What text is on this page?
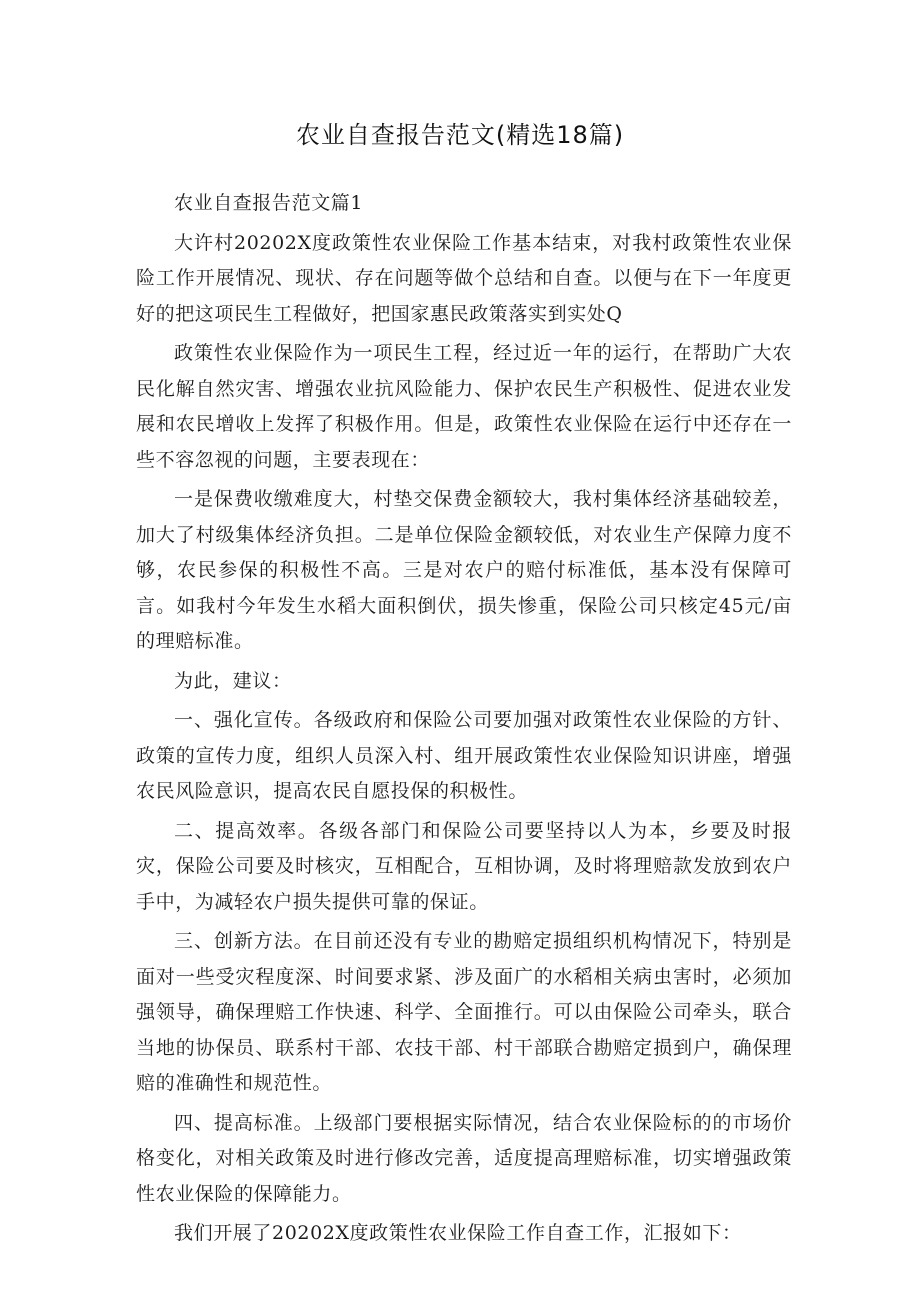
农业自查报告范文(精选18篇)

农业自查报告范文篇1

大许村20202X度政策性农业保险工作基本结束，对我村政策性农业保险工作开展情况、现状、存在问题等做个总结和自查。以便与在下一年度更好的把这项民生工程做好，把国家惠民政策落实到实处Q

政策性农业保险作为一项民生工程，经过近一年的运行，在帮助广大农民化解自然灾害、增强农业抗风险能力、保护农民生产积极性、促进农业发展和农民增收上发挥了积极作用。但是，政策性农业保险在运行中还存在一些不容忽视的问题，主要表现在：

一是保费收缴难度大，村垫交保费金额较大，我村集体经济基础较差，加大了村级集体经济负担。二是单位保险金额较低，对农业生产保障力度不够，农民参保的积极性不高。三是对农户的赔付标准低，基本没有保障可言。如我村今年发生水稻大面积倒伏，损失惨重，保险公司只核定45元/亩的理赔标准。

为此，建议：

一、强化宣传。各级政府和保险公司要加强对政策性农业保险的方针、政策的宣传力度，组织人员深入村、组开展政策性农业保险知识讲座，增强农民风险意识，提高农民自愿投保的积极性。

二、提高效率。各级各部门和保险公司要坚持以人为本，乡要及时报灾，保险公司要及时核灾，互相配合，互相协调，及时将理赔款发放到农户手中，为减轻农户损失提供可靠的保证。

三、创新方法。在目前还没有专业的勘赔定损组织机构情况下，特别是面对一些受灾程度深、时间要求紧、涉及面广的水稻相关病虫害时，必须加强领导，确保理赔工作快速、科学、全面推行。可以由保险公司牵头，联合当地的协保员、联系村干部、农技干部、村干部联合勘赔定损到户，确保理赔的准确性和规范性。

四、提高标准。上级部门要根据实际情况，结合农业保险标的的市场价格变化，对相关政策及时进行修改完善，适度提高理赔标准，切实增强政策性农业保险的保障能力。

我们开展了20202X度政策性农业保险工作自查工作，汇报如下：
